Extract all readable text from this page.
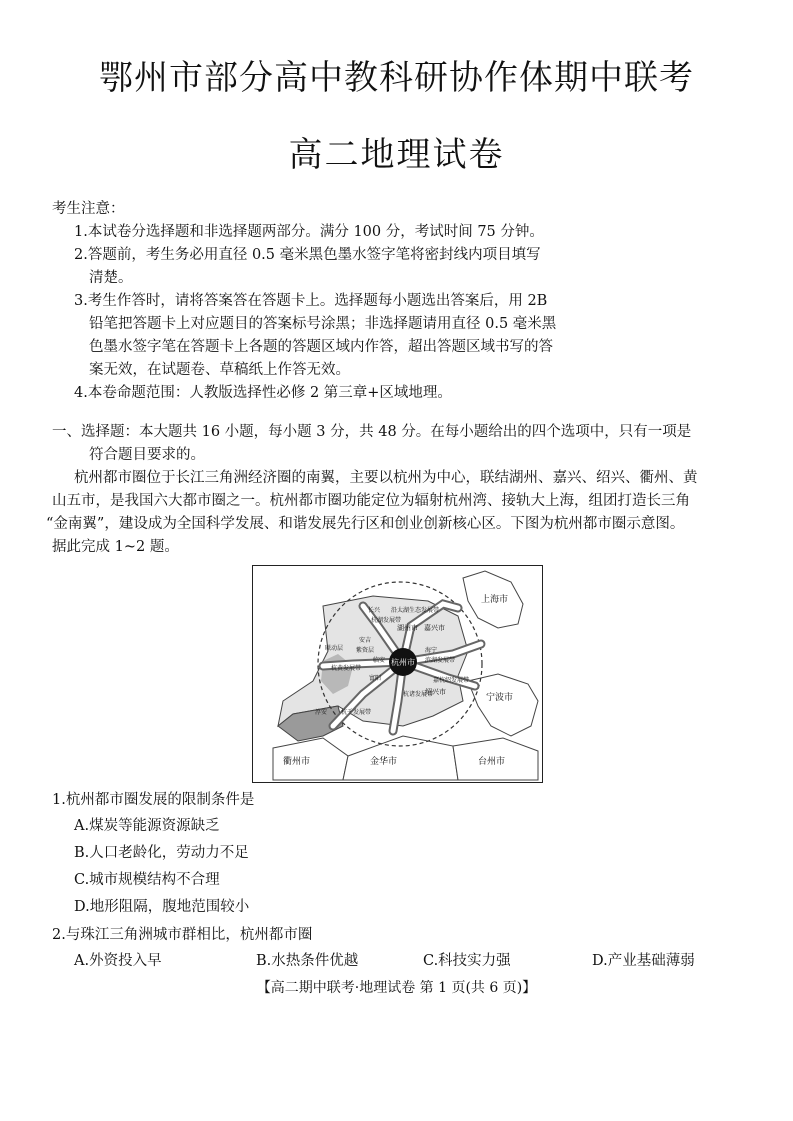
鄂州市部分高中教科研协作体期中联考
高二地理试卷
考生注意：
1.本试卷分选择题和非选择题两部分。满分 100 分，考试时间 75 分钟。
2.答题前，考生务必用直径 0.5 毫米黑色墨水签字笔将密封线内项目填写
清楚。
3.考生作答时，请将答案答在答题卡上。选择题每小题选出答案后，用 2B
铅笔把答题卡上对应题目的答案标号涂黑；非选择题请用直径 0.5 毫米黑
色墨水签字笔在答题卡上各题的答题区域内作答，超出答题区域书写的答
案无效，在试题卷、草稿纸上作答无效。
4.本卷命题范围：人教版选择性必修 2 第三章+区域地理。
一、选择题：本大题共 16 小题，每小题 3 分，共 48 分。在每小题给出的四个选项中，只有一项是
符合题目要求的。
杭州都市圈位于长江三角洲经济圈的南翼，主要以杭州为中心，联结湖州、嘉兴、绍兴、衢州、黄
山五市，是我国六大都市圈之一。杭州都市圈功能定位为辐射杭州湾、接轨大上海，组团打造长三角
“金南翼”，建设成为全国科学发展、和谐发展先行区和创业创新核心区。下图为杭州都市圈示意图。
据此完成 1~2 题。
杭州市
上海市
宁波市
衢州市	金华市	台州市
湖州市 嘉兴市
绍兴市
长兴 沿太湖生态发展带
杭湖发展带
安吉
紫资层
联动层
临安
海宁
滨湖发展带
杭黄发展带
富阳
杭诸发展带
嘉杭绍发展带
淳安 杭千发展带
1.杭州都市圈发展的限制条件是
A.煤炭等能源资源缺乏
B.人口老龄化，劳动力不足
C.城市规模结构不合理
D.地形阻隔，腹地范围较小
2.与珠江三角洲城市群相比，杭州都市圈
A.外资投入早	B.水热条件优越	C.科技实力强	D.产业基础薄弱
【高二期中联考·地理试卷 第 1 页(共 6 页)】
